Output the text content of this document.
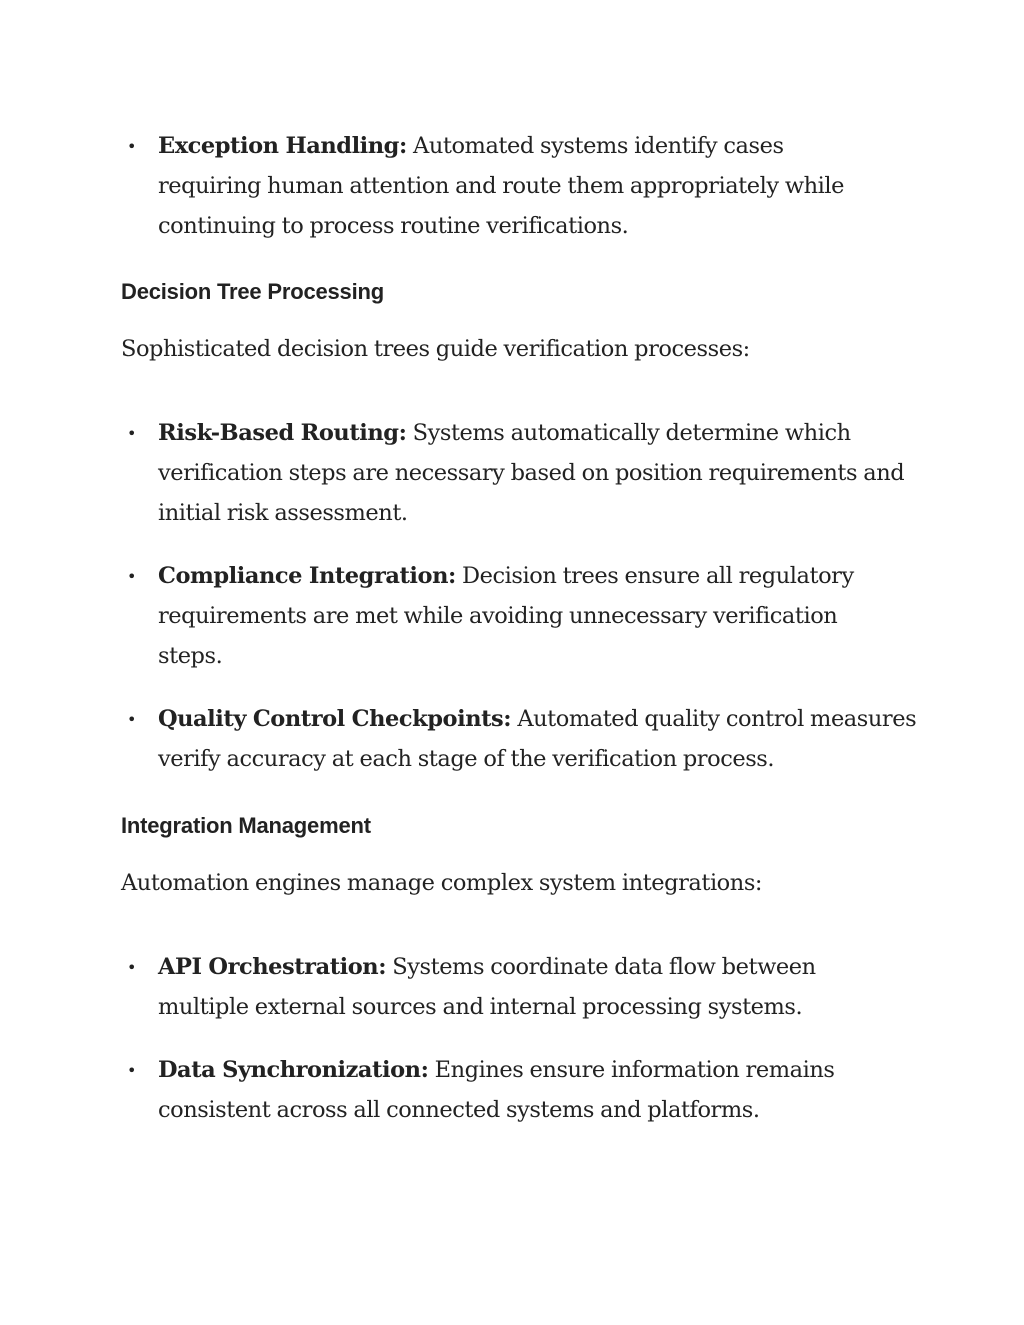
• Exception Handling: Automated systems identify cases requiring human attention and route them appropriately while continuing to process routine verifications.
Decision Tree Processing

Sophisticated decision trees guide verification processes:

• Risk-Based Routing: Systems automatically determine which verification steps are necessary based on position requirements and initial risk assessment.
• Compliance Integration: Decision trees ensure all regulatory requirements are met while avoiding unnecessary verification steps.
• Quality Control Checkpoints: Automated quality control measures verify accuracy at each stage of the verification process.
Integration Management

Automation engines manage complex system integrations:

• API Orchestration: Systems coordinate data flow between multiple external sources and internal processing systems.
• Data Synchronization: Engines ensure information remains consistent across all connected systems and platforms.
